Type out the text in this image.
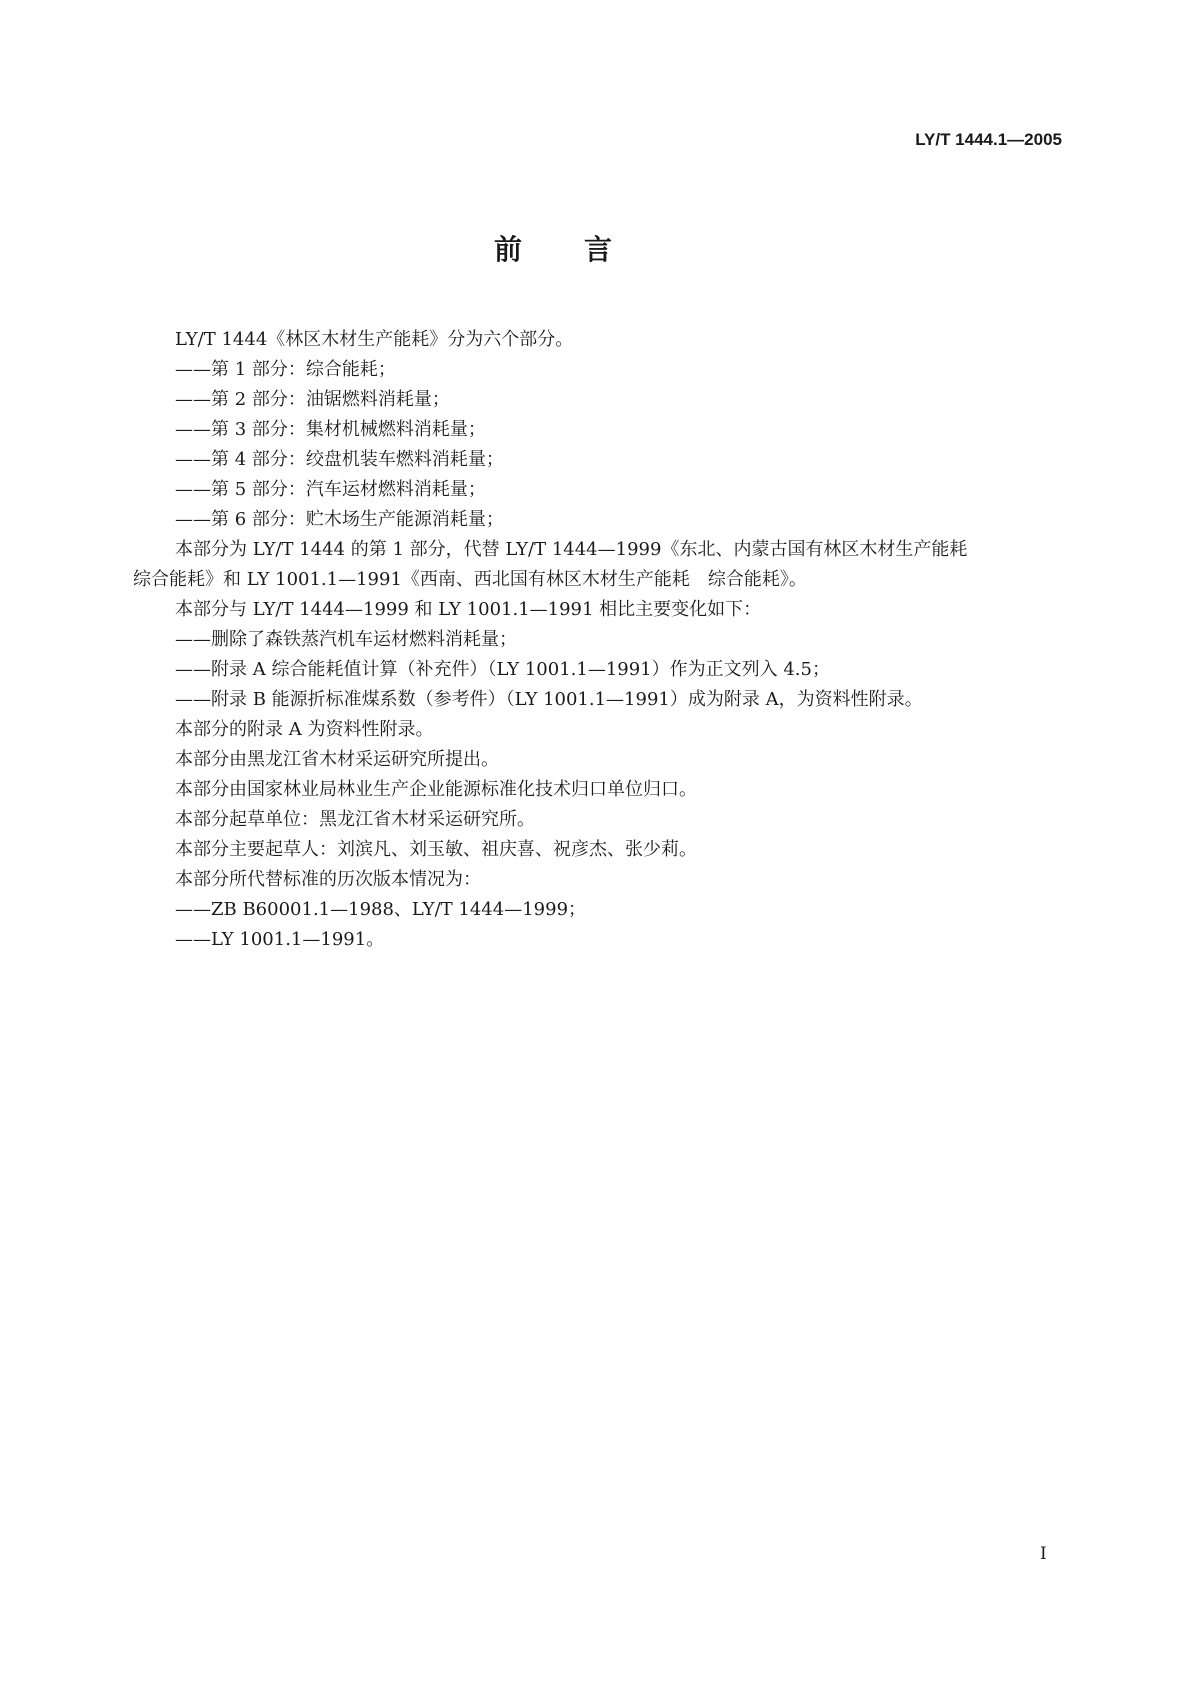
LY/T 1444.1—2005
前　　言
LY/T 1444《林区木材生产能耗》分为六个部分。
——第 1 部分：综合能耗；
——第 2 部分：油锯燃料消耗量；
——第 3 部分：集材机械燃料消耗量；
——第 4 部分：绞盘机装车燃料消耗量；
——第 5 部分：汽车运材燃料消耗量；
——第 6 部分：贮木场生产能源消耗量；
本部分为 LY/T 1444 的第 1 部分，代替 LY/T 1444—1999《东北、内蒙古国有林区木材生产能耗
综合能耗》和 LY 1001.1—1991《西南、西北国有林区木材生产能耗　综合能耗》。
本部分与 LY/T 1444—1999 和 LY 1001.1—1991 相比主要变化如下：
——删除了森铁蒸汽机车运材燃料消耗量；
——附录 A 综合能耗值计算（补充件）（LY 1001.1—1991）作为正文列入 4.5；
——附录 B 能源折标准煤系数（参考件）（LY 1001.1—1991）成为附录 A，为资料性附录。
本部分的附录 A 为资料性附录。
本部分由黑龙江省木材采运研究所提出。
本部分由国家林业局林业生产企业能源标准化技术归口单位归口。
本部分起草单位：黑龙江省木材采运研究所。
本部分主要起草人：刘滨凡、刘玉敏、祖庆喜、祝彦杰、张少莉。
本部分所代替标准的历次版本情况为：
——ZB B60001.1—1988、LY/T 1444—1999；
——LY 1001.1—1991。
I
